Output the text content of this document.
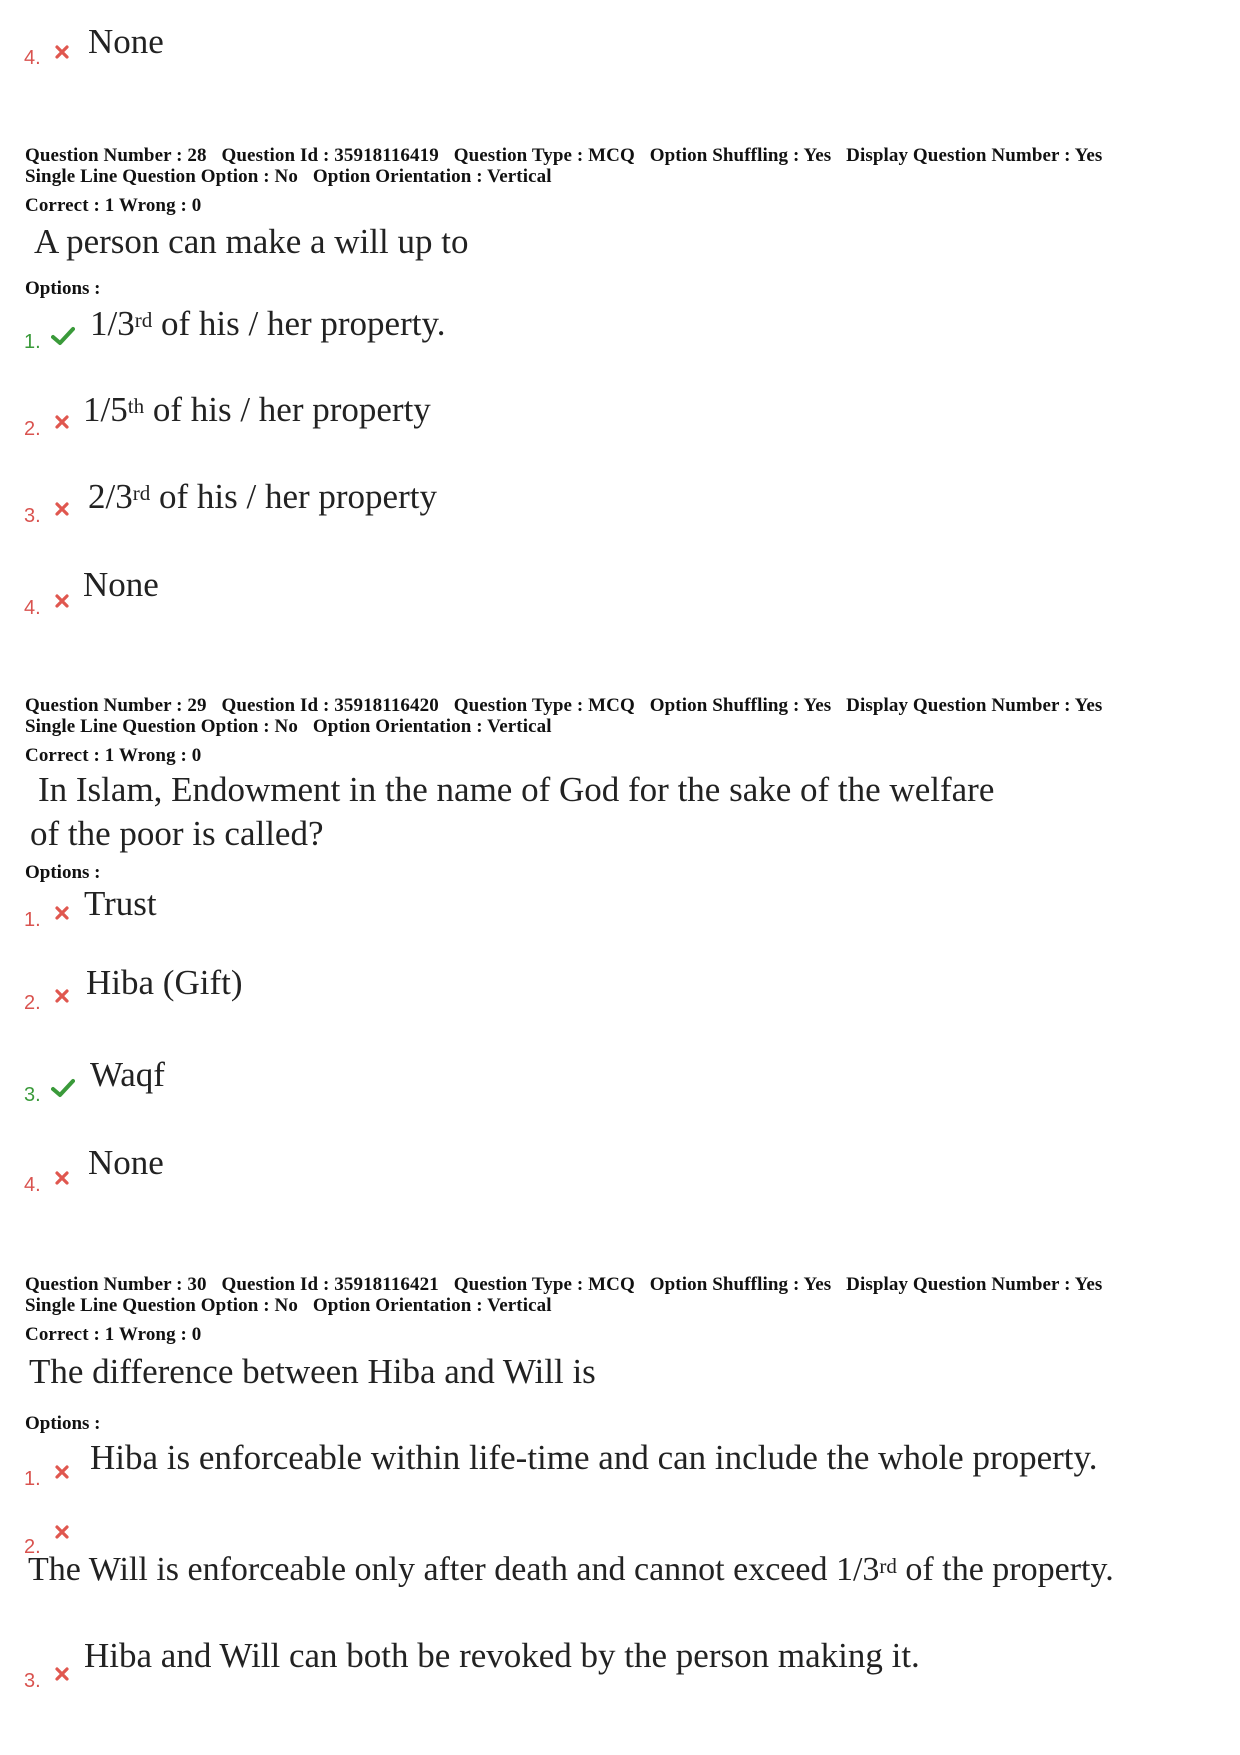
4. None
Question Number : 28 Question Id : 35918116419 Question Type : MCQ Option Shuffling : Yes Display Question Number : Yes
Single Line Question Option : No Option Orientation : Vertical
Correct : 1 Wrong : 0
A person can make a will up to
Options :
1. 1/3rd of his / her property.
2. 1/5th of his / her property
3. 2/3rd of his / her property
4.
None
Question Number : 29 Question Id : 35918116420 Question Type : MCQ Option Shuffling : Yes Display Question Number : Yes
Single Line Question Option : No Option Orientation : Vertical
Correct : 1 Wrong : 0
In Islam, Endowment in the name of God for the sake of the welfare
of the poor is called?
Options :
1. Trust
2.
Hiba (Gift)
3.
Waqf
4.
None
Question Number : 30 Question Id : 35918116421 Question Type : MCQ Option Shuffling : Yes Display Question Number : Yes
Single Line Question Option : No Option Orientation : Vertical
Correct : 1 Wrong : 0
The difference between Hiba and Will is
Options :
1.
Hiba is enforceable within life-time and can include the whole property.
2.
The Will is enforceable only after death and cannot exceed 1/3rd of the property.
3.
Hiba and Will can both be revoked by the person making it.
